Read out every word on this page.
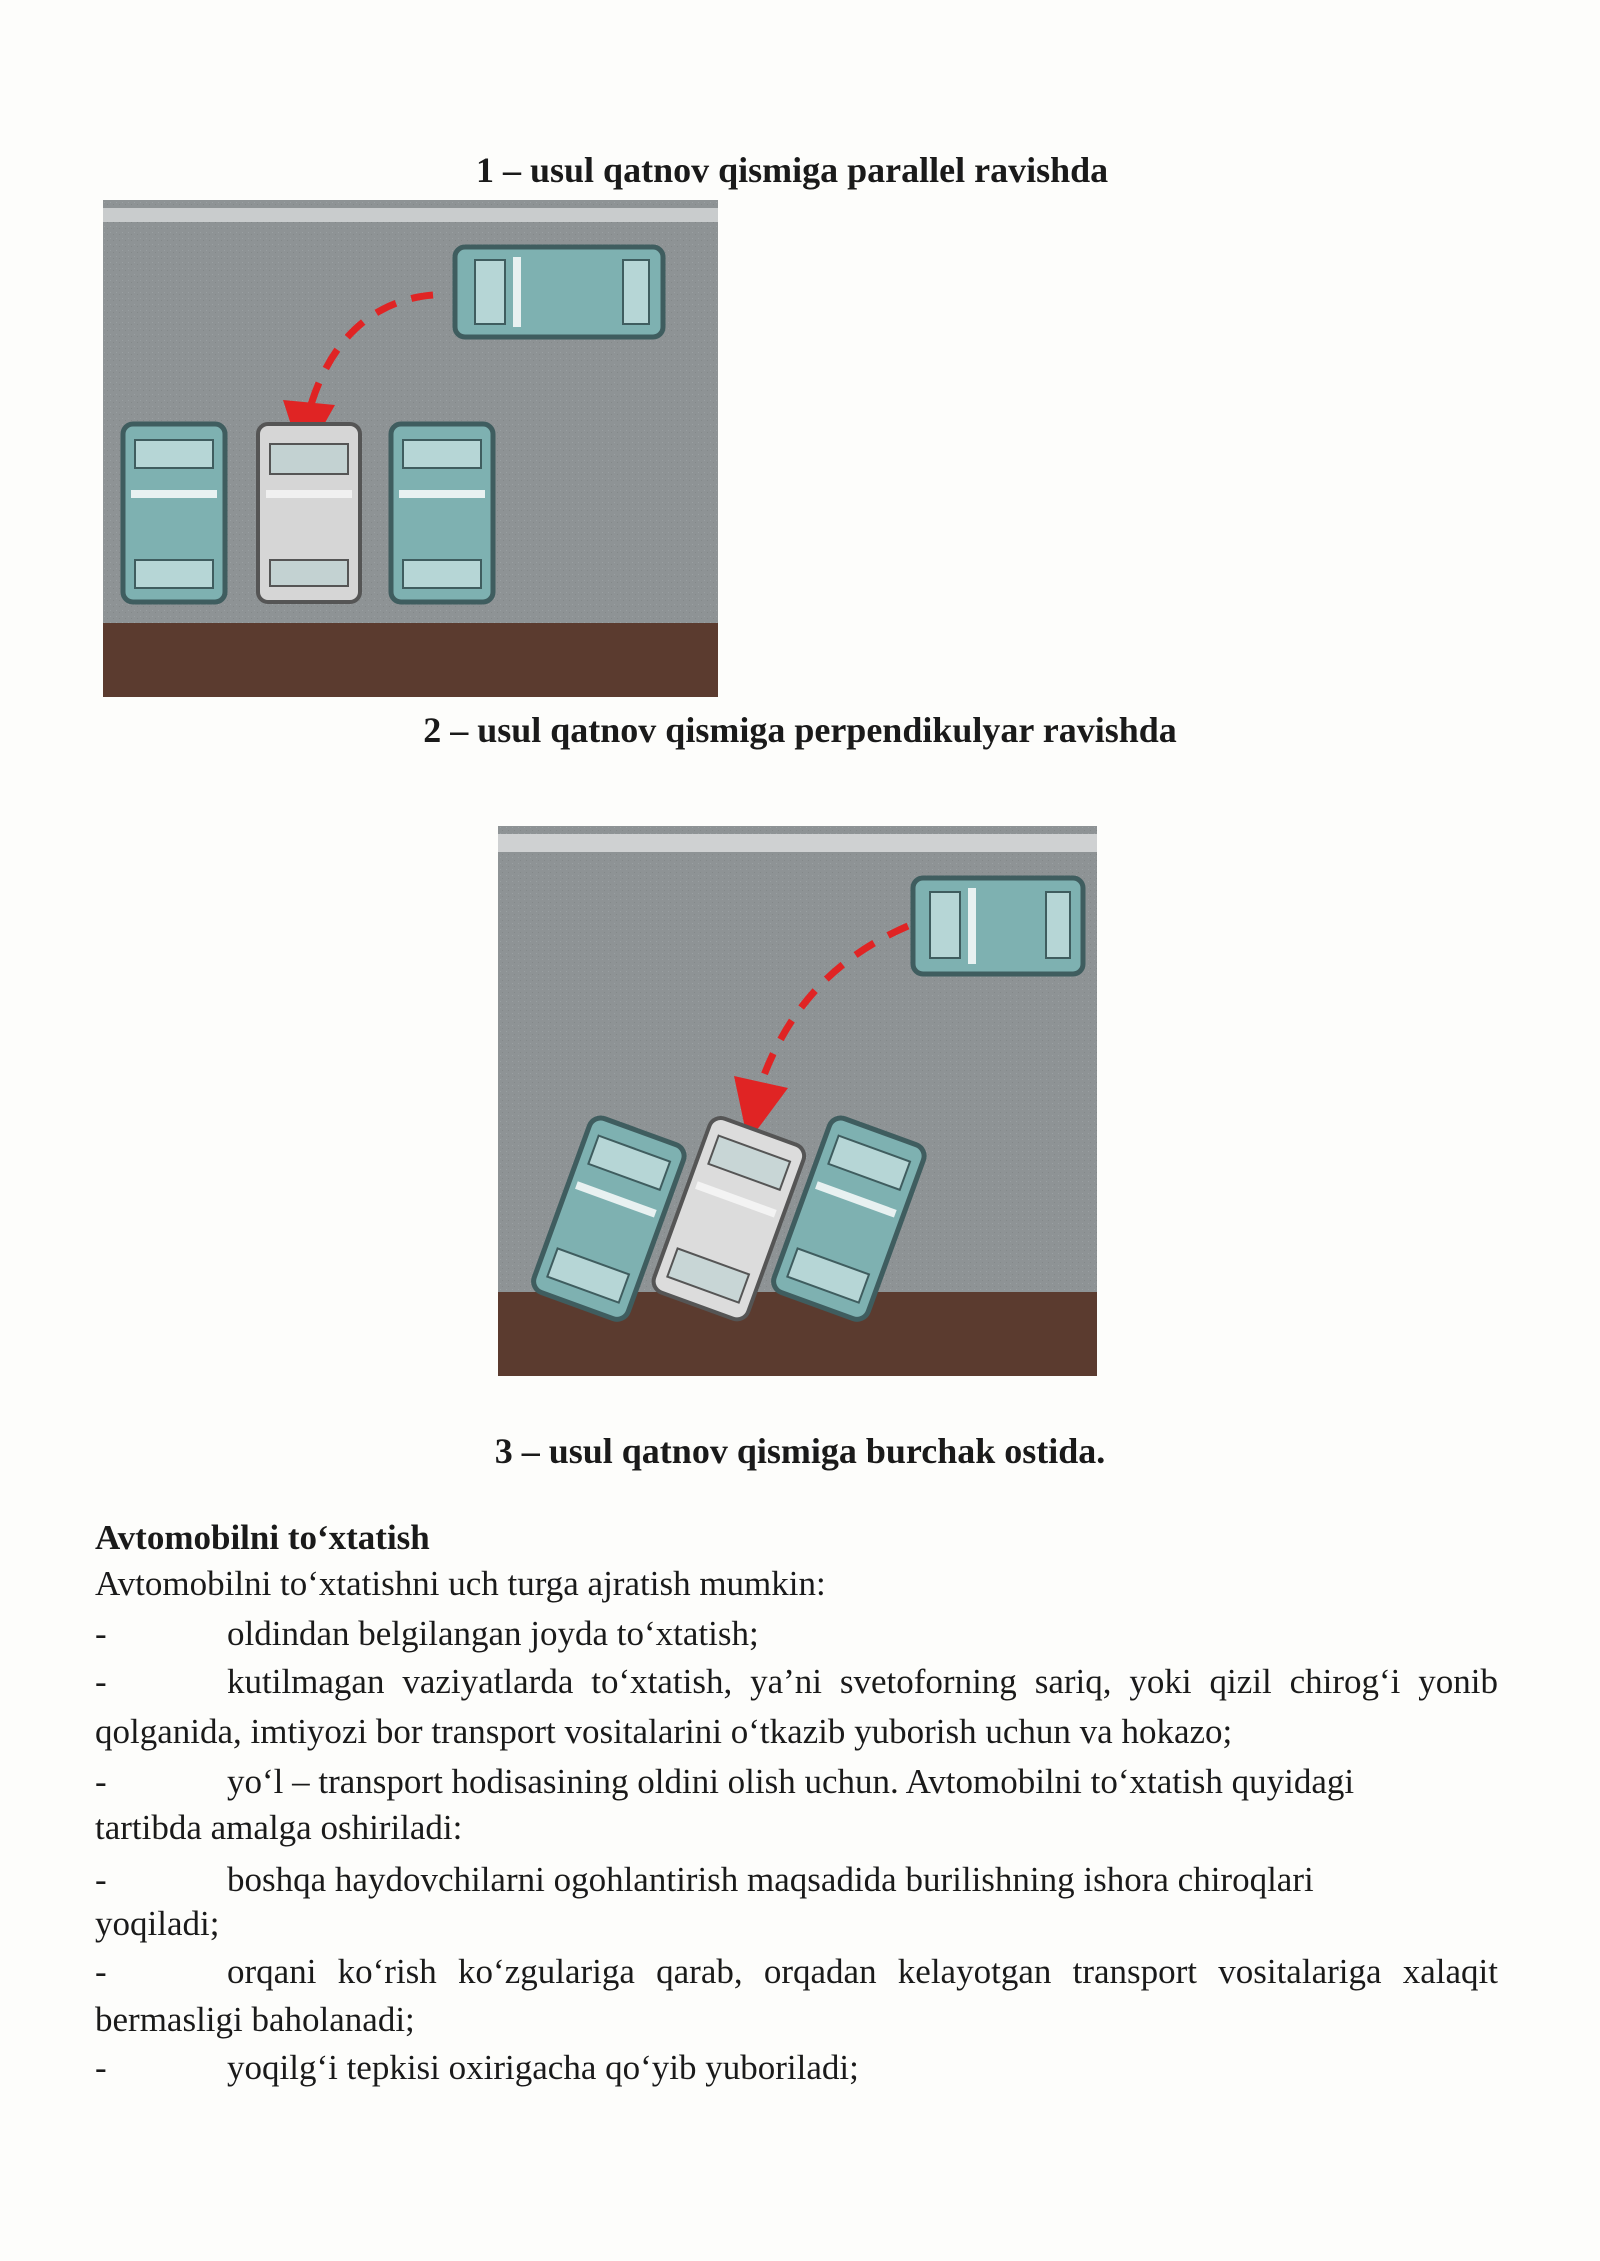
1 – usul qatnov qismiga parallel ravishda
2 – usul qatnov qismiga perpendikulyar ravishda
3 – usul qatnov qismiga burchak ostida.
Avtomobilni to‘xtatish
Avtomobilni to‘xtatishni uch turga ajratish mumkin:
-	oldindan belgilangan joyda to‘xtatish;
-	kutilmagan vaziyatlarda to‘xtatish, ya’ni svetoforning sariq, yoki qizil chirog‘i yonib
qolganida, imtiyozi bor transport vositalarini o‘tkazib yuborish uchun va hokazo;
-	yo‘l – transport hodisasining oldini olish uchun. Avtomobilni to‘xtatish quyidagi
tartibda amalga oshiriladi:
-	boshqa haydovchilarni ogohlantirish maqsadida burilishning ishora chiroqlari
yoqiladi;
-	orqani ko‘rish ko‘zgulariga qarab, orqadan kelayotgan transport vositalariga xalaqit
bermasligi baholanadi;
-	yoqilg‘i tepkisi oxirigacha qo‘yib yuboriladi;
